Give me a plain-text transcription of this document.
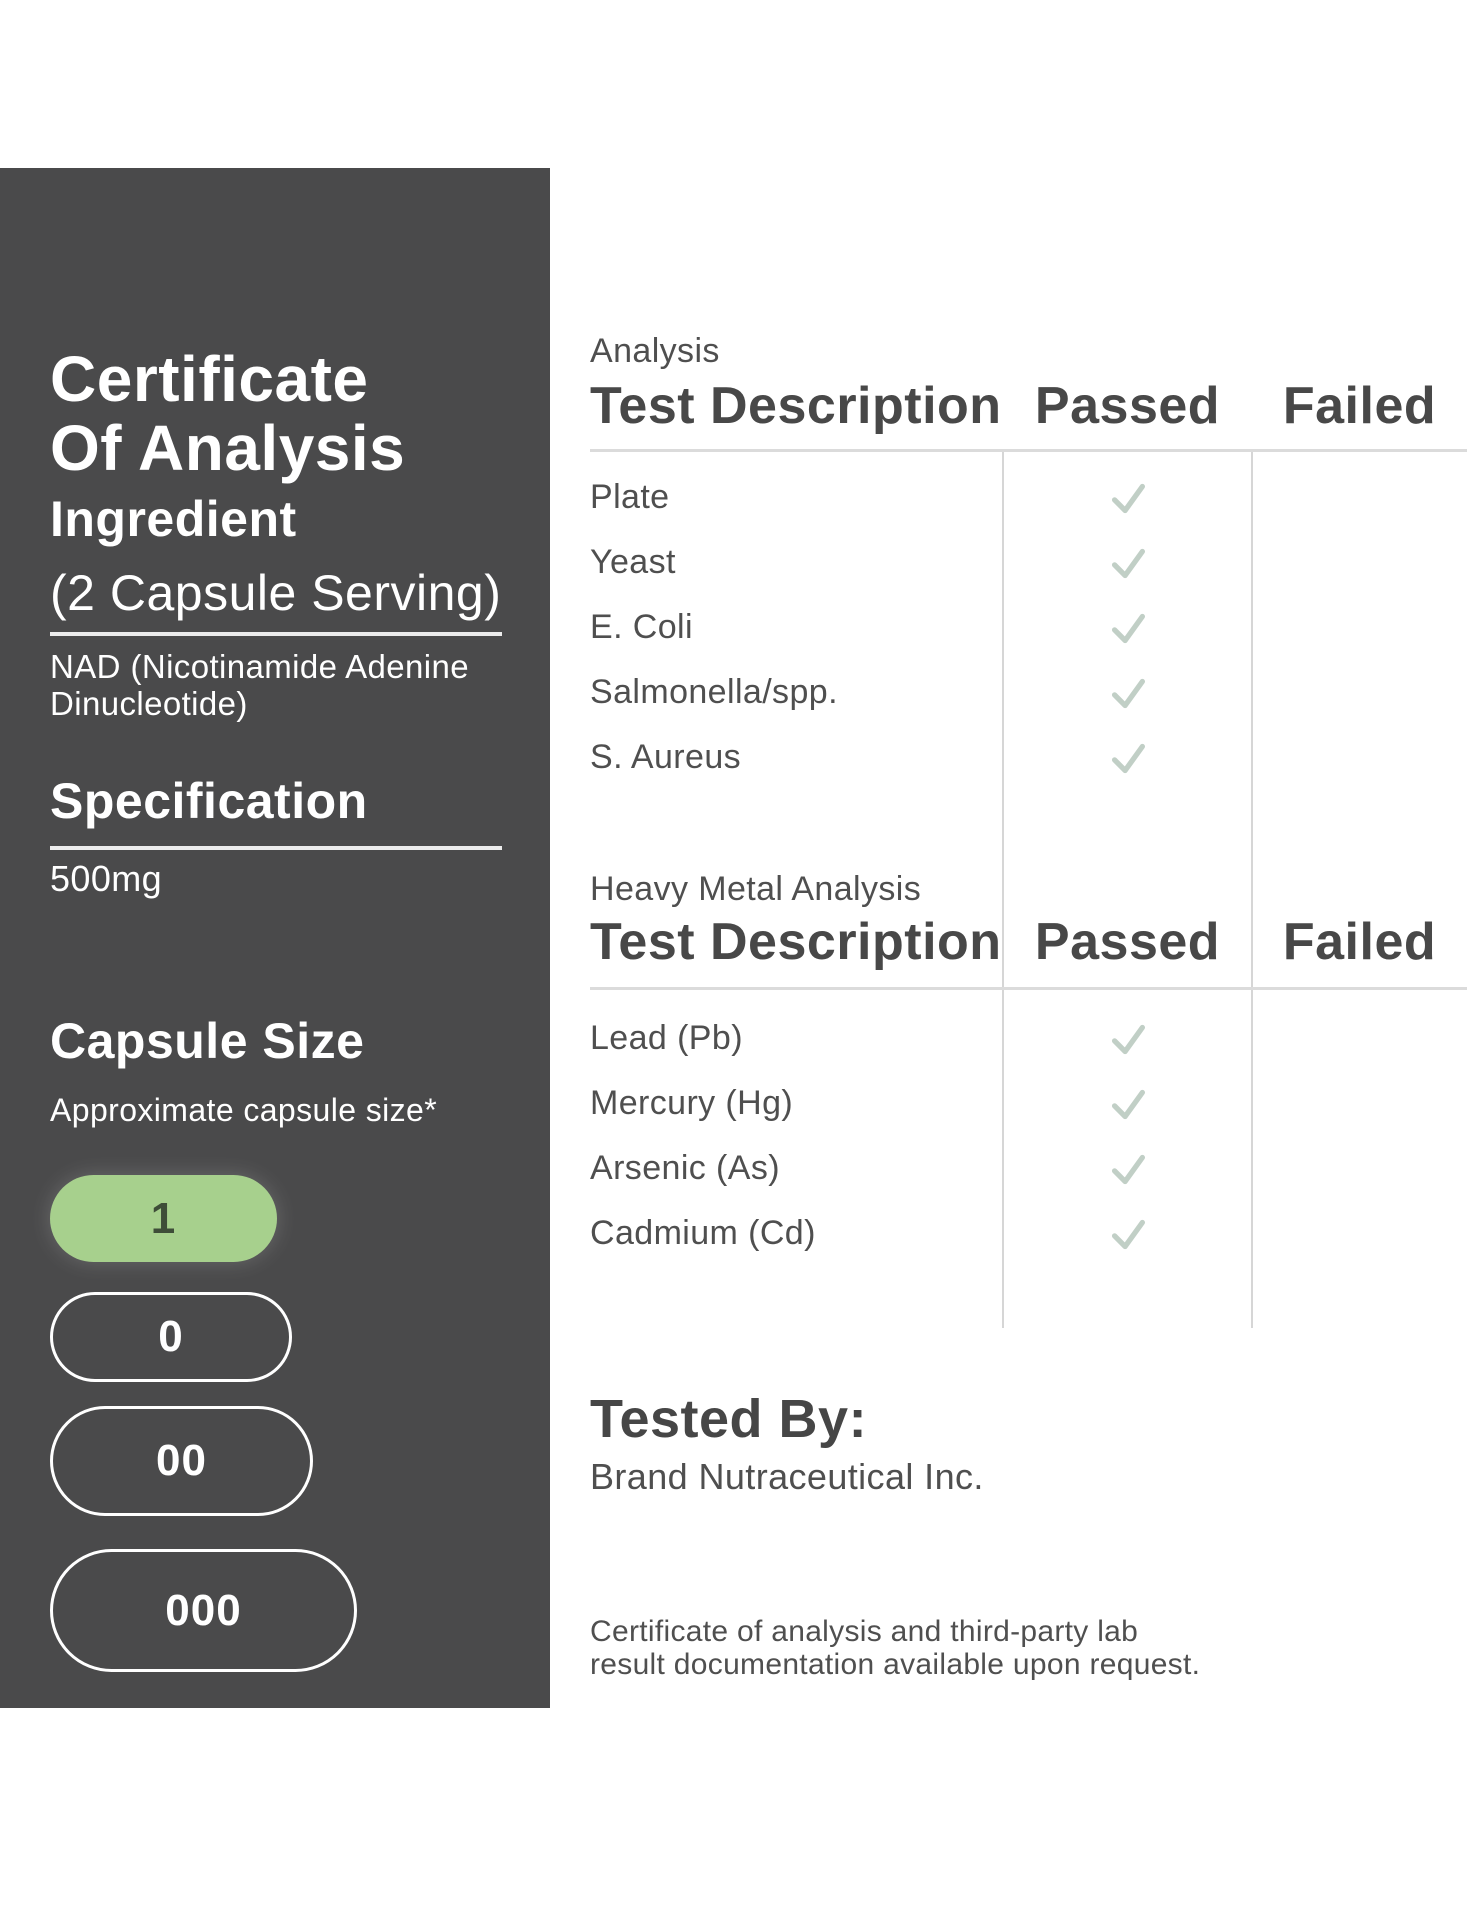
Certificate
Of Analysis
Ingredient
(2 Capsule Serving)
NAD (Nicotinamide Adenine
Dinucleotide)
Specification
500mg
Capsule Size
Approximate capsule size*
1
0
00
000
Analysis
Test Description Passed	Failed
Plate
Yeast
E. Coli
Salmonella/spp.
S. Aureus
Heavy Metal Analysis
Test Description Passed	Failed
Lead (Pb)
Mercury (Hg)
Arsenic (As)
Cadmium (Cd)
Tested By:
Brand Nutraceutical Inc.
Certificate of analysis and third-party lab
result documentation available upon request.
